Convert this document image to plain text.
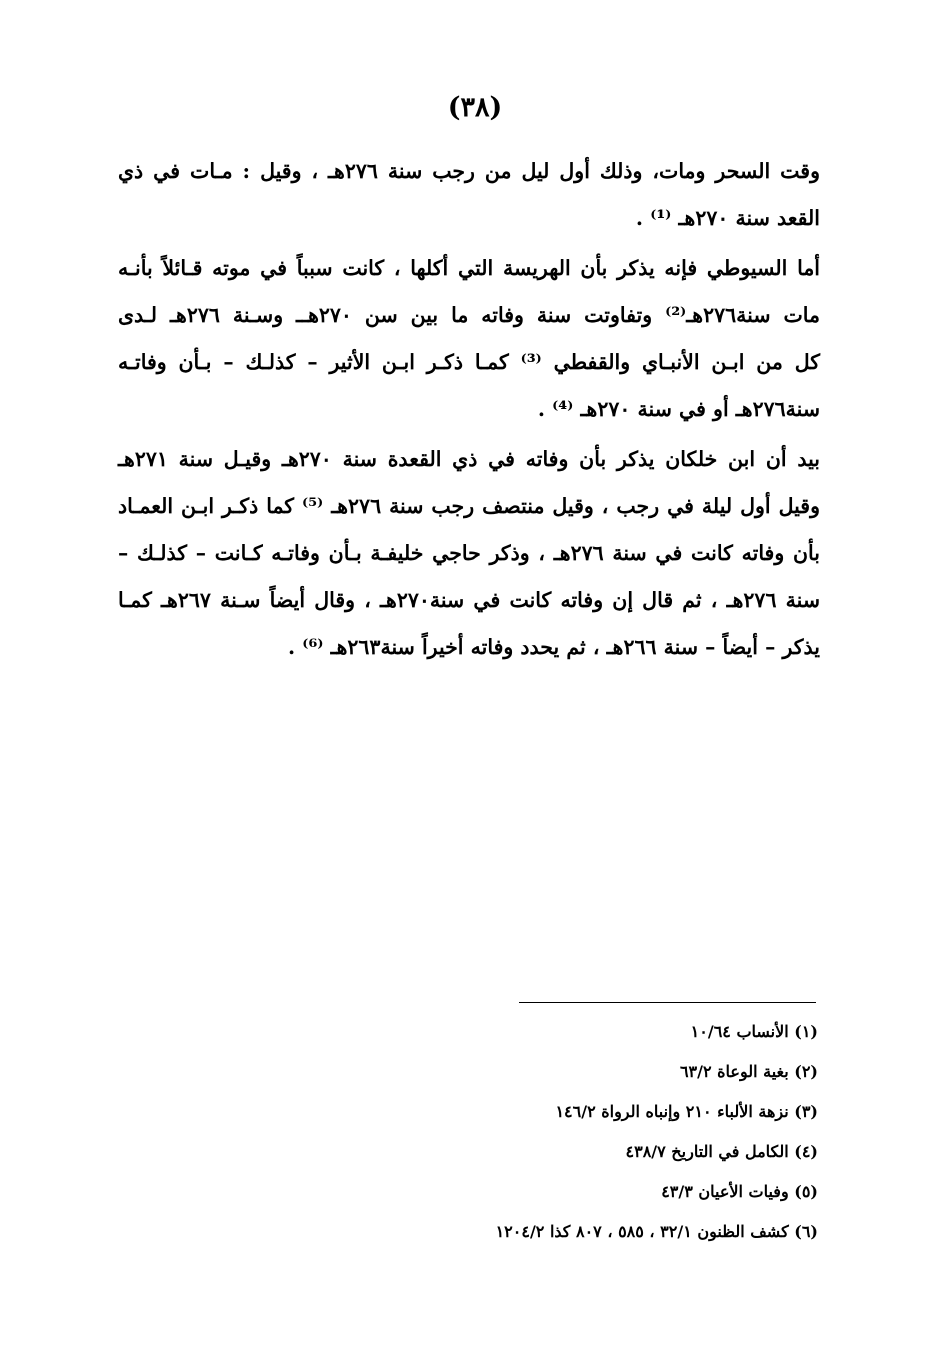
(٣٨)
وقت السحر ومات، وذلك أول ليل من رجب سنة ٢٧٦هـ ، وقيل : مـات في ذي
القعد سنة ٢٧٠هـ ⁽¹⁾ .
أما السيوطي فإنه يذكر بأن الهريسة التي أكلها ، كانت سبباً في موته قـائلاً بأنـه
مات سنة٢٧٦هـ⁽²⁾ وتفاوتت سنة وفاته ما بين سن ٢٧٠هــ وسـنة ٢٧٦هـ لـدى
كل من ابـن الأنبـاي والقفطي ⁽³⁾ كمـا ذكـر ابـن الأثير – كذلـك – بـأن وفاتـه
سنة٢٧٦هـ أو في سنة ٢٧٠هـ ⁽⁴⁾ .
بيد أن ابن خلكان يذكر بأن وفاته في ذي القعدة سنة ٢٧٠هـ وقيـل سنة ٢٧١هـ
وقيل أول ليلة في رجب ، وقيل منتصف رجب سنة ٢٧٦هـ ⁽⁵⁾ كما ذكـر ابـن العمـاد
بأن وفاته كانت في سنة ٢٧٦هـ ، وذكر حاجي خليفـة بـأن وفاتـه كـانت – كذلـك –
سنة ٢٧٦هـ ، ثم قال إن وفاته كانت في سنة٢٧٠هـ ، وقال أيضاً سـنة ٢٦٧هـ كمـا
يذكر – أيضاً – سنة ٢٦٦هـ ، ثم يحدد وفاته أخيراً سنة٢٦٣هـ ⁽⁶⁾ .
(١) الأنساب ١٠/٦٤
(٢) بغية الوعاة ٦٣/٢
(٣) نزهة الألباء ٢١٠ وإنباه الرواة ١٤٦/٢
(٤) الكامل في التاريخ ٤٣٨/٧
(٥) وفيات الأعيان ٤٣/٣
(٦) كشف الظنون ٣٢/١ ، ٥٨٥ ، ٨٠٧ كذا ١٢٠٤/٢
